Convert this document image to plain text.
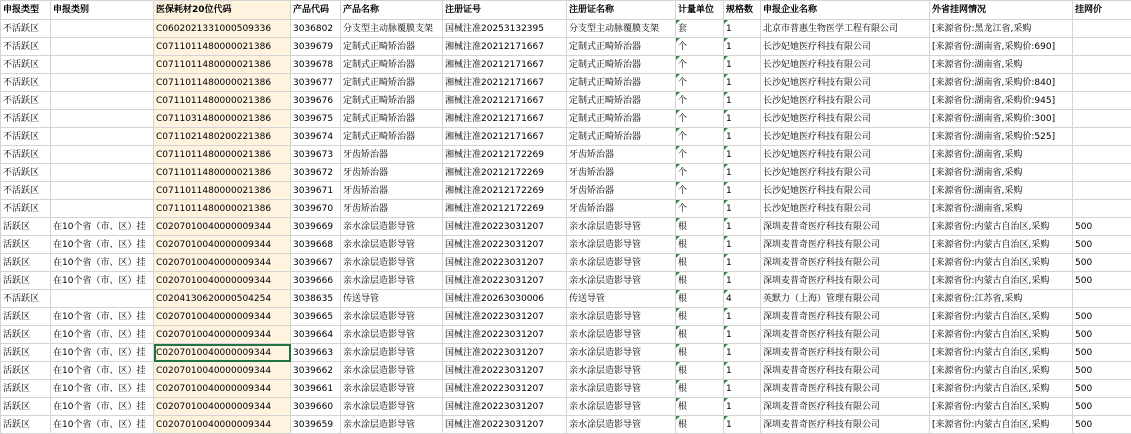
申报类型	申报类别	医保耗材20位代码	产品代码	产品名称	注册证号	注册证名称	计量单位	规格数	申报企业名称	外省挂网情况	挂网价
不活跃区		C0602021331000509336	3036802	分支型主动脉覆膜支架	国械注准20253132395	分支型主动脉覆膜支架	套	1	北京市普惠生物医学工程有限公司	[来源省份:黑龙江省,采购	
不活跃区		C0711011480000021386	3039679	定制式正畸矫治器	湘械注准20212171667	定制式正畸矫治器	个	1	长沙妃她医疗科技有限公司	[来源省份:湖南省,采购价:690]	
不活跃区		C0711011480000021386	3039678	定制式正畸矫治器	湘械注准20212171667	定制式正畸矫治器	个	1	长沙妃她医疗科技有限公司	[来源省份:湖南省,采购	
不活跃区		C0711011480000021386	3039677	定制式正畸矫治器	湘械注准20212171667	定制式正畸矫治器	个	1	长沙妃她医疗科技有限公司	[来源省份:湖南省,采购价:840]	
不活跃区		C0711011480000021386	3039676	定制式正畸矫治器	湘械注准20212171667	定制式正畸矫治器	个	1	长沙妃她医疗科技有限公司	[来源省份:湖南省,采购价:945]	
不活跃区		C0711031480000021386	3039675	定制式正畸矫治器	湘械注准20212171667	定制式正畸矫治器	个	1	长沙妃她医疗科技有限公司	[来源省份:湖南省,采购价:300]	
不活跃区		C0711021480200221386	3039674	定制式正畸矫治器	湘械注准20212171667	定制式正畸矫治器	个	1	长沙妃她医疗科技有限公司	[来源省份:湖南省,采购价:525]	
不活跃区		C0711011480000021386	3039673	牙齿矫治器	湘械注准20212172269	牙齿矫治器	个	1	长沙妃她医疗科技有限公司	[来源省份:湖南省,采购	
不活跃区		C0711011480000021386	3039672	牙齿矫治器	湘械注准20212172269	牙齿矫治器	个	1	长沙妃她医疗科技有限公司	[来源省份:湖南省,采购	
不活跃区		C0711011480000021386	3039671	牙齿矫治器	湘械注准20212172269	牙齿矫治器	个	1	长沙妃她医疗科技有限公司	[来源省份:湖南省,采购	
不活跃区		C0711011480000021386	3039670	牙齿矫治器	湘械注准20212172269	牙齿矫治器	个	1	长沙妃她医疗科技有限公司	[来源省份:湖南省,采购	
活跃区	在10个省（市、区）挂	C0207010040000009344	3039669	亲水涂层造影导管	国械注准20223031207	亲水涂层造影导管	根	1	深圳麦普奇医疗科技有限公司	[来源省份:内蒙古自治区,采购	500
活跃区	在10个省（市、区）挂	C0207010040000009344	3039668	亲水涂层造影导管	国械注准20223031207	亲水涂层造影导管	根	1	深圳麦普奇医疗科技有限公司	[来源省份:内蒙古自治区,采购	500
活跃区	在10个省（市、区）挂	C0207010040000009344	3039667	亲水涂层造影导管	国械注准20223031207	亲水涂层造影导管	根	1	深圳麦普奇医疗科技有限公司	[来源省份:内蒙古自治区,采购	500
活跃区	在10个省（市、区）挂	C0207010040000009344	3039666	亲水涂层造影导管	国械注准20223031207	亲水涂层造影导管	根	1	深圳麦普奇医疗科技有限公司	[来源省份:内蒙古自治区,采购	500
不活跃区		C0204130620000504254	3038635	传送导管	国械注准20263030006	传送导管	根	4	英默力（上海）管理有限公司	[来源省份:江苏省,采购	
活跃区	在10个省（市、区）挂	C0207010040000009344	3039665	亲水涂层造影导管	国械注准20223031207	亲水涂层造影导管	根	1	深圳麦普奇医疗科技有限公司	[来源省份:内蒙古自治区,采购	500
活跃区	在10个省（市、区）挂	C0207010040000009344	3039664	亲水涂层造影导管	国械注准20223031207	亲水涂层造影导管	根	1	深圳麦普奇医疗科技有限公司	[来源省份:内蒙古自治区,采购	500
活跃区	在10个省（市、区）挂	C0207010040000009344	3039663	亲水涂层造影导管	国械注准20223031207	亲水涂层造影导管	根	1	深圳麦普奇医疗科技有限公司	[来源省份:内蒙古自治区,采购	500
活跃区	在10个省（市、区）挂	C0207010040000009344	3039662	亲水涂层造影导管	国械注准20223031207	亲水涂层造影导管	根	1	深圳麦普奇医疗科技有限公司	[来源省份:内蒙古自治区,采购	500
活跃区	在10个省（市、区）挂	C0207010040000009344	3039661	亲水涂层造影导管	国械注准20223031207	亲水涂层造影导管	根	1	深圳麦普奇医疗科技有限公司	[来源省份:内蒙古自治区,采购	500
活跃区	在10个省（市、区）挂	C0207010040000009344	3039660	亲水涂层造影导管	国械注准20223031207	亲水涂层造影导管	根	1	深圳麦普奇医疗科技有限公司	[来源省份:内蒙古自治区,采购	500
活跃区	在10个省（市、区）挂	C0207010040000009344	3039659	亲水涂层造影导管	国械注准20223031207	亲水涂层造影导管	根	1	深圳麦普奇医疗科技有限公司	[来源省份:内蒙古自治区,采购	500
